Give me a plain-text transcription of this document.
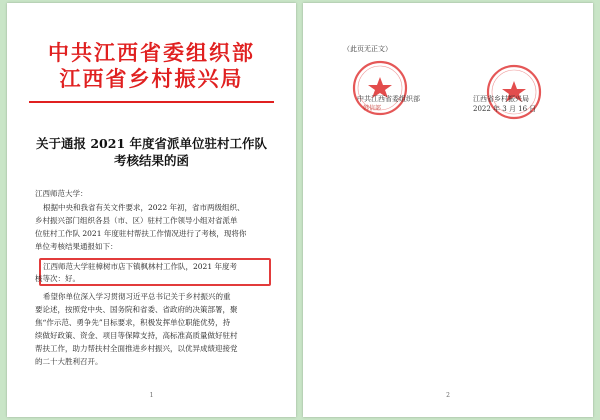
中共江西省委组织部
江西省乡村振兴局
关于通报 2021 年度省派单位驻村工作队
考核结果的函
江西师范大学：
根据中央和我省有关文件要求，2022 年初，省市两级组织、
乡村振兴部门组织各县（市、区）驻村工作领导小组对省派单
位驻村工作队 2021 年度驻村帮扶工作情况进行了考核，现将你
单位考核结果通报如下：
江西师范大学驻樟树市店下镇枫林村工作队，2021 年度考
核等次：好。
希望你单位深入学习贯彻习近平总书记关于乡村振兴的重
要论述，按照党中央、国务院和省委、省政府的决策部署，聚
焦“作示范、勇争先”目标要求，积极发挥单位职能优势，持
续做好政策、资金、项目等保障支持，高标准高质量做好驻村
帮扶工作，助力帮扶村全面推进乡村振兴，以优异成绩迎接党
的二十大胜利召开。
1
（此页无正文）
中共江西省委组织部
韩信部
江西省乡村振兴局
2022 年 3 月 16 日
2
